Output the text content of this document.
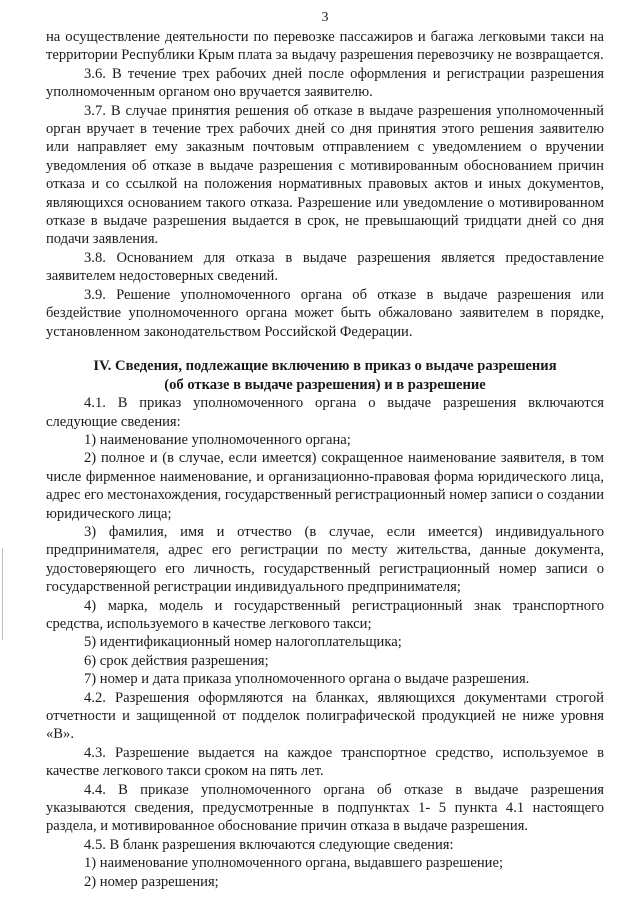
3

на осуществление деятельности по перевозке пассажиров и багажа легковыми такси на территории Республики Крым плата за выдачу разрешения перевозчику не возвращается.

3.6. В течение трех рабочих дней после оформления и регистрации разрешения уполномоченным органом оно вручается заявителю.

3.7. В случае принятия решения об отказе в выдаче разрешения уполномоченный орган вручает в течение трех рабочих дней со дня принятия этого решения заявителю или направляет ему заказным почтовым отправлением с уведомлением о вручении уведомления об отказе в выдаче разрешения с мотивированным обоснованием причин отказа и со ссылкой на положения нормативных правовых актов и иных документов, являющихся основанием такого отказа. Разрешение или уведомление о мотивированном отказе в выдаче разрешения выдается в срок, не превышающий тридцати дней со дня подачи заявления.

3.8. Основанием для отказа в выдаче разрешения является предоставление заявителем недостоверных сведений.

3.9. Решение уполномоченного органа об отказе в выдаче разрешения или бездействие уполномоченного органа может быть обжаловано заявителем в порядке, установленном законодательством Российской Федерации.

IV. Сведения, подлежащие включению в приказ о выдаче разрешения
(об отказе в выдаче разрешения) и в разрешение

4.1. В приказ уполномоченного органа о выдаче разрешения включаются следующие сведения:

1) наименование уполномоченного органа;

2) полное и (в случае, если имеется) сокращенное наименование заявителя, в том числе фирменное наименование, и организационно-правовая форма юридического лица, адрес его местонахождения, государственный регистрационный номер записи о создании юридического лица;

3) фамилия, имя и отчество (в случае, если имеется) индивидуального предпринимателя, адрес его регистрации по месту жительства, данные документа, удостоверяющего его личность, государственный регистрационный номер записи о государственной регистрации индивидуального предпринимателя;

4) марка, модель и государственный регистрационный знак транспортного средства, используемого в качестве легкового такси;

5) идентификационный номер налогоплательщика;

6) срок действия разрешения;

7) номер и дата приказа уполномоченного органа о выдаче разрешения.

4.2. Разрешения оформляются на бланках, являющихся документами строгой отчетности и защищенной от подделок полиграфической продукцией не ниже уровня «В».

4.3. Разрешение выдается на каждое транспортное средство, используемое в качестве легкового такси сроком на пять лет.

4.4. В приказе уполномоченного органа об отказе в выдаче разрешения указываются сведения, предусмотренные в подпунктах 1- 5 пункта 4.1 настоящего раздела, и мотивированное обоснование причин отказа в выдаче разрешения.

4.5. В бланк разрешения включаются следующие сведения:

1) наименование уполномоченного органа, выдавшего разрешение;

2) номер разрешения;
